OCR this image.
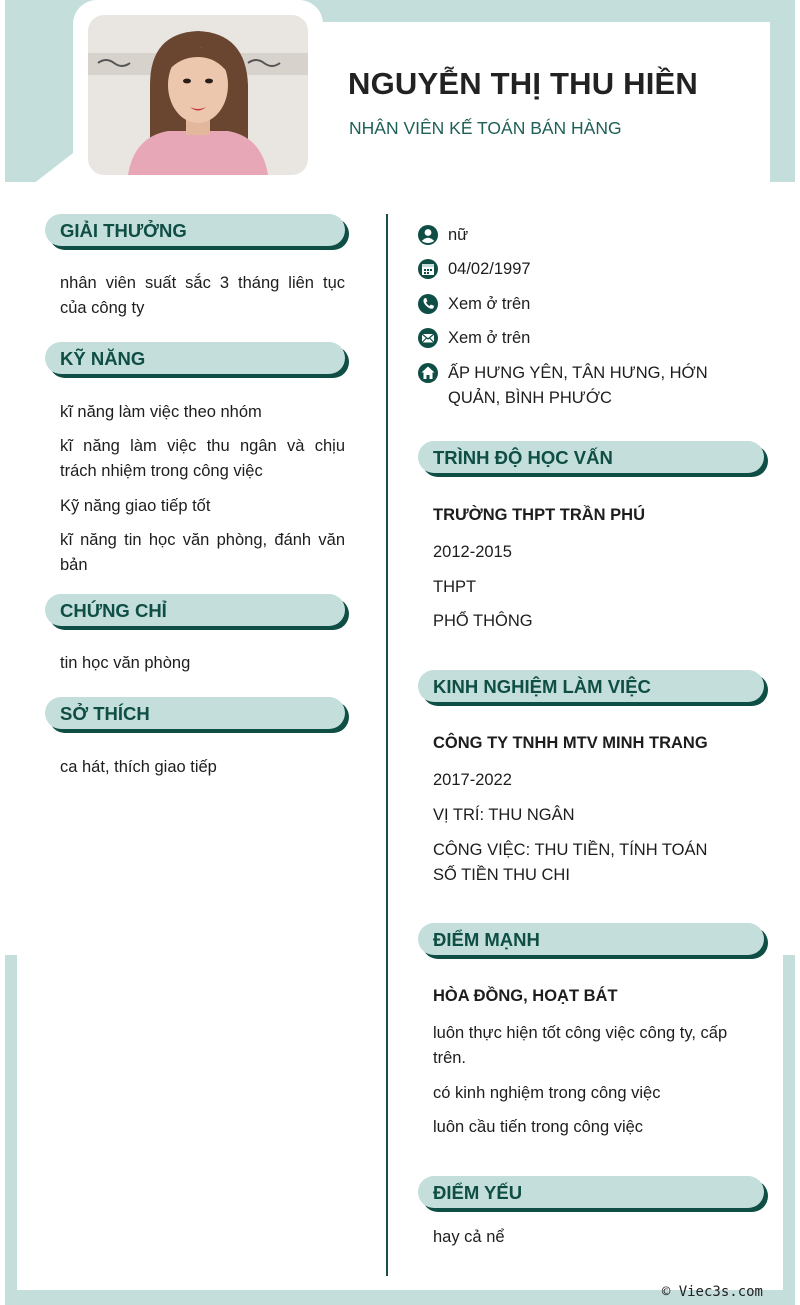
NGUYỄN THỊ THU HIỀN
NHÂN VIÊN KẾ TOÁN BÁN HÀNG
GIẢI THƯỞNG
nhân viên suất sắc 3 tháng liên tục của công ty
KỸ NĂNG
kĩ năng làm việc theo nhóm
kĩ năng làm việc thu ngân và chịu trách nhiệm trong công việc
Kỹ năng giao tiếp tốt
kĩ năng tin học văn phòng, đánh văn bản
CHỨNG CHỈ
tin học văn phòng
SỞ THÍCH
ca hát, thích giao tiếp
nữ
04/02/1997
Xem ở trên
Xem ở trên
ẤP HƯNG YÊN, TÂN HƯNG, HỚN QUẢN, BÌNH PHƯỚC
TRÌNH ĐỘ HỌC VẤN
TRƯỜNG THPT TRẦN PHÚ
2012-2015
THPT
PHỔ THÔNG
KINH NGHIỆM LÀM VIỆC
CÔNG TY TNHH MTV MINH TRANG
2017-2022
VỊ TRÍ: THU NGÂN
CÔNG VIỆC: THU TIỀN, TÍNH TOÁN SỐ TIỀN THU CHI
ĐIỂM MẠNH
HÒA ĐỒNG, HOẠT BÁT
luôn thực hiện tốt công việc công ty, cấp trên.
có kinh nghiệm trong công việc
luôn cầu tiến trong công việc
ĐIỂM YẾU
hay cả nể
© Viec3s.com
